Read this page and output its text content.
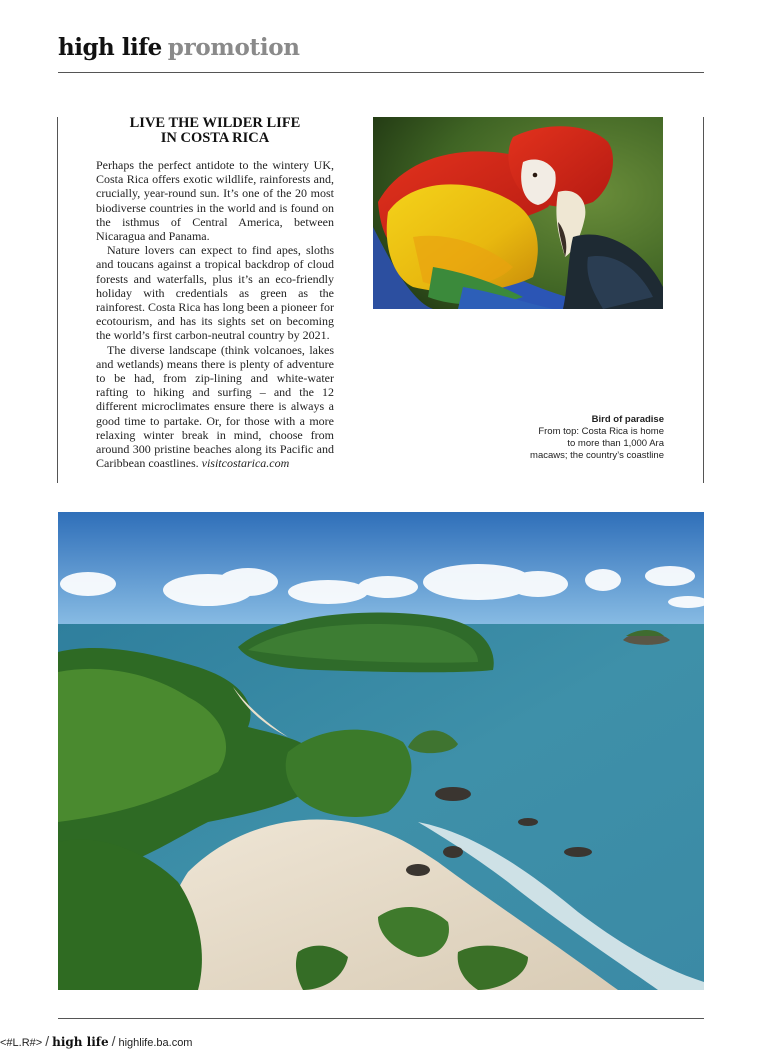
high life promotion
LIVE THE WILDER LIFE
IN COSTA RICA

Perhaps the perfect antidote to the wintery UK, Costa Rica offers exotic wildlife, rainforests and, crucially, year-round sun. It’s one of the 20 most biodiverse countries in the world and is found on the isthmus of Central America, between Nicaragua and Panama.

Nature lovers can expect to find apes, sloths and toucans against a tropical backdrop of cloud forests and waterfalls, plus it’s an eco-friendly holiday with credentials as green as the rainforest. Costa Rica has long been a pioneer for ecotourism, and has its sights set on becoming the world’s first carbon-neutral country by 2021.

The diverse landscape (think volcanoes, lakes and wetlands) means there is plenty of adventure to be had, from zip-lining and white-water rafting to hiking and surfing – and the 12 different microclimates ensure there is always a good time to partake. Or, for those with a more relaxing winter break in mind, choose from around 300 pristine beaches along its Pacific and Caribbean coastlines. visitcostarica.com

Bird of paradise
From top: Costa Rica is home to more than 1,000 Ara macaws; the country’s coastline
<#L.R#> / high life / highlife.ba.com
